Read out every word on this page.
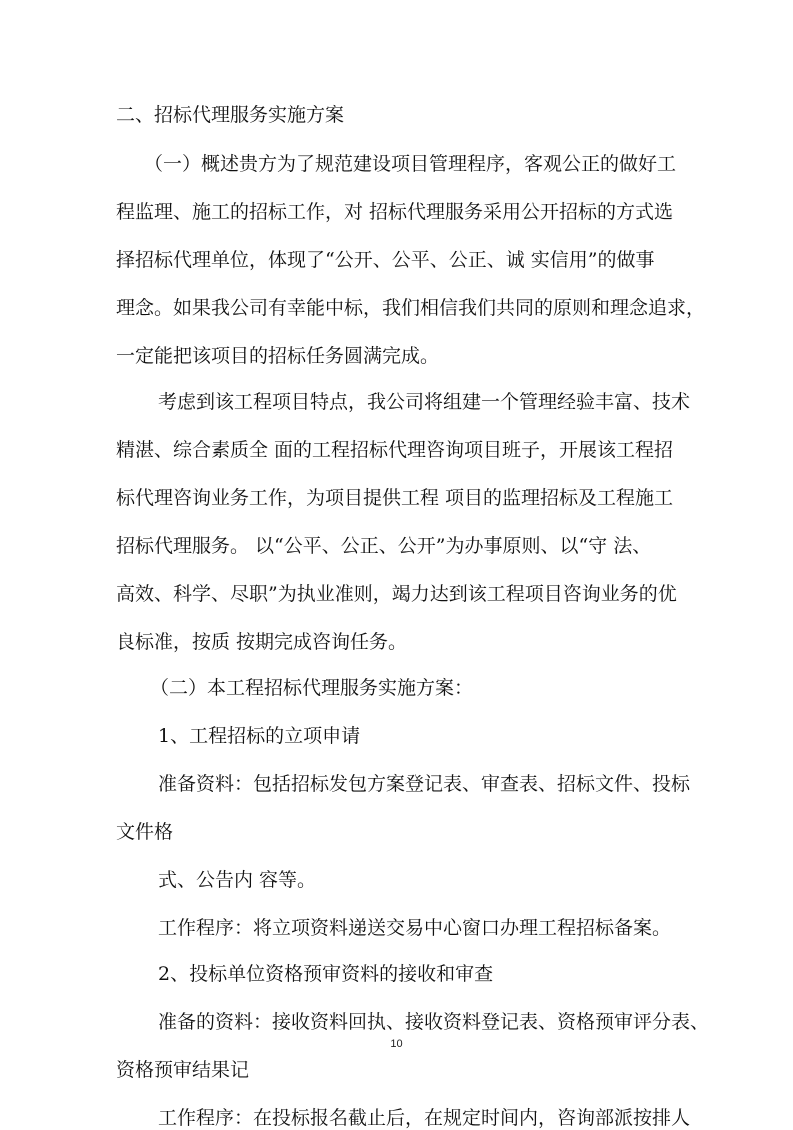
二、招标代理服务实施方案

（一）概述贵方为了规范建设项目管理程序，客观公正的做好工

程监理、施工的招标工作，对 招标代理服务采用公开招标的方式选

择招标代理单位，体现了“公开、公平、公正、诚 实信用”的做事

理念。如果我公司有幸能中标，我们相信我们共同的原则和理念追求，

一定能把该项目的招标任务圆满完成。

考虑到该工程项目特点，我公司将组建一个管理经验丰富、技术

精湛、综合素质全 面的工程招标代理咨询项目班子，开展该工程招

标代理咨询业务工作，为项目提供工程 项目的监理招标及工程施工

招标代理服务。 以“公平、公正、公开”为办事原则、以“守 法、

高效、科学、尽职”为执业准则，竭力达到该工程项目咨询业务的优

良标准，按质 按期完成咨询任务。

（二）本工程招标代理服务实施方案：

1、工程招标的立项申请

准备资料：包括招标发包方案登记表、审查表、招标文件、投标

文件格

式、公告内 容等。

工作程序：将立项资料递送交易中心窗口办理工程招标备案。

2、投标单位资格预审资料的接收和审查

准备的资料：接收资料回执、接收资料登记表、资格预审评分表、

资格预审结果记

工作程序：在投标报名截止后，在规定时间内，咨询部派按排人

10
